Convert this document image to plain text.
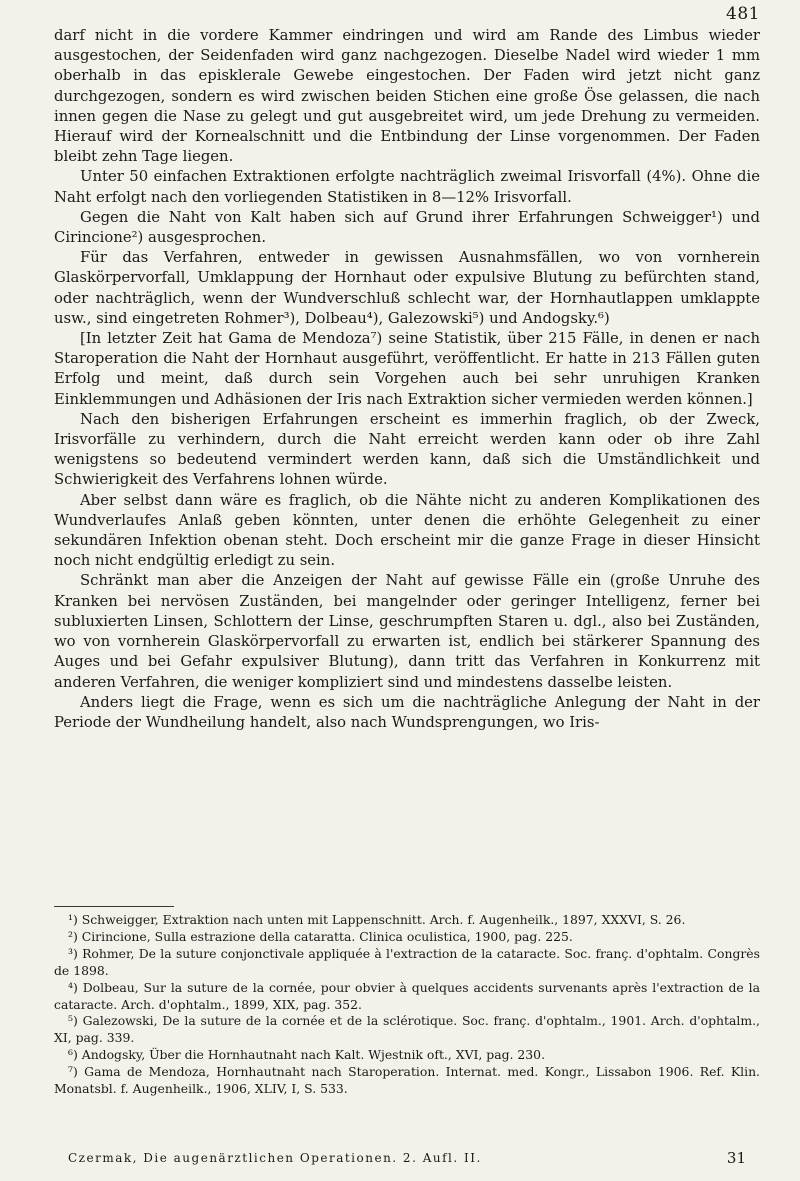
481

darf nicht in die vordere Kammer eindringen und wird am Rande des Limbus wieder ausgestochen, der Seidenfaden wird ganz nachgezogen. Dieselbe Nadel wird wieder 1 mm oberhalb in das episklerale Gewebe eingestochen. Der Faden wird jetzt nicht ganz durchgezogen, sondern es wird zwischen beiden Stichen eine große Öse gelassen, die nach innen gegen die Nase zu gelegt und gut ausgebreitet wird, um jede Drehung zu vermeiden. Hierauf wird der Kornealschnitt und die Entbindung der Linse vorgenommen. Der Faden bleibt zehn Tage liegen.

Unter 50 einfachen Extraktionen erfolgte nachträglich zweimal Irisvorfall (4%). Ohne die Naht erfolgt nach den vorliegenden Statistiken in 8—12% Irisvorfall.

Gegen die Naht von Kalt haben sich auf Grund ihrer Erfahrungen Schweigger¹) und Cirincione²) ausgesprochen.

Für das Verfahren, entweder in gewissen Ausnahmsfällen, wo von vornherein Glaskörpervorfall, Umklappung der Hornhaut oder expulsive Blutung zu befürchten stand, oder nachträglich, wenn der Wundverschluß schlecht war, der Hornhautlappen umklappte usw., sind eingetreten Rohmer³), Dolbeau⁴), Galezowski⁵) und Andogsky.⁶)

[In letzter Zeit hat Gama de Mendoza⁷) seine Statistik, über 215 Fälle, in denen er nach Staroperation die Naht der Hornhaut ausgeführt, veröffentlicht. Er hatte in 213 Fällen guten Erfolg und meint, daß durch sein Vorgehen auch bei sehr unruhigen Kranken Einklemmungen und Adhäsionen der Iris nach Extraktion sicher vermieden werden können.]

Nach den bisherigen Erfahrungen erscheint es immerhin fraglich, ob der Zweck, Irisvorfälle zu verhindern, durch die Naht erreicht werden kann oder ob ihre Zahl wenigstens so bedeutend vermindert werden kann, daß sich die Umständlichkeit und Schwierigkeit des Verfahrens lohnen würde.

Aber selbst dann wäre es fraglich, ob die Nähte nicht zu anderen Komplikationen des Wundverlaufes Anlaß geben könnten, unter denen die erhöhte Gelegenheit zu einer sekundären Infektion obenan steht. Doch erscheint mir die ganze Frage in dieser Hinsicht noch nicht endgültig erledigt zu sein.

Schränkt man aber die Anzeigen der Naht auf gewisse Fälle ein (große Unruhe des Kranken bei nervösen Zuständen, bei mangelnder oder geringer Intelligenz, ferner bei subluxierten Linsen, Schlottern der Linse, geschrumpften Staren u. dgl., also bei Zuständen, wo von vornherein Glaskörpervorfall zu erwarten ist, endlich bei stärkerer Spannung des Auges und bei Gefahr expulsiver Blutung), dann tritt das Verfahren in Konkurrenz mit anderen Verfahren, die weniger kompliziert sind und mindestens dasselbe leisten.

Anders liegt die Frage, wenn es sich um die nachträgliche Anlegung der Naht in der Periode der Wundheilung handelt, also nach Wundsprengungen, wo Iris-

¹) Schweigger, Extraktion nach unten mit Lappenschnitt. Arch. f. Augenheilk., 1897, XXXVI, S. 26.

²) Cirincione, Sulla estrazione della cataratta. Clinica oculistica, 1900, pag. 225.

³) Rohmer, De la suture conjonctivale appliquée à l'extraction de la cataracte. Soc. franç. d'ophtalm. Congrès de 1898.

⁴) Dolbeau, Sur la suture de la cornée, pour obvier à quelques accidents survenants après l'extraction de la cataracte. Arch. d'ophtalm., 1899, XIX, pag. 352.

⁵) Galezowski, De la suture de la cornée et de la sclérotique. Soc. franç. d'ophtalm., 1901. Arch. d'ophtalm., XI, pag. 339.

⁶) Andogsky, Über die Hornhautnaht nach Kalt. Wjestnik oft., XVI, pag. 230.

⁷) Gama de Mendoza, Hornhautnaht nach Staroperation. Internat. med. Kongr., Lissabon 1906. Ref. Klin. Monatsbl. f. Augenheilk., 1906, XLIV, I, S. 533.

Czermak, Die augenärztlichen Operationen. 2. Aufl. II.	31
